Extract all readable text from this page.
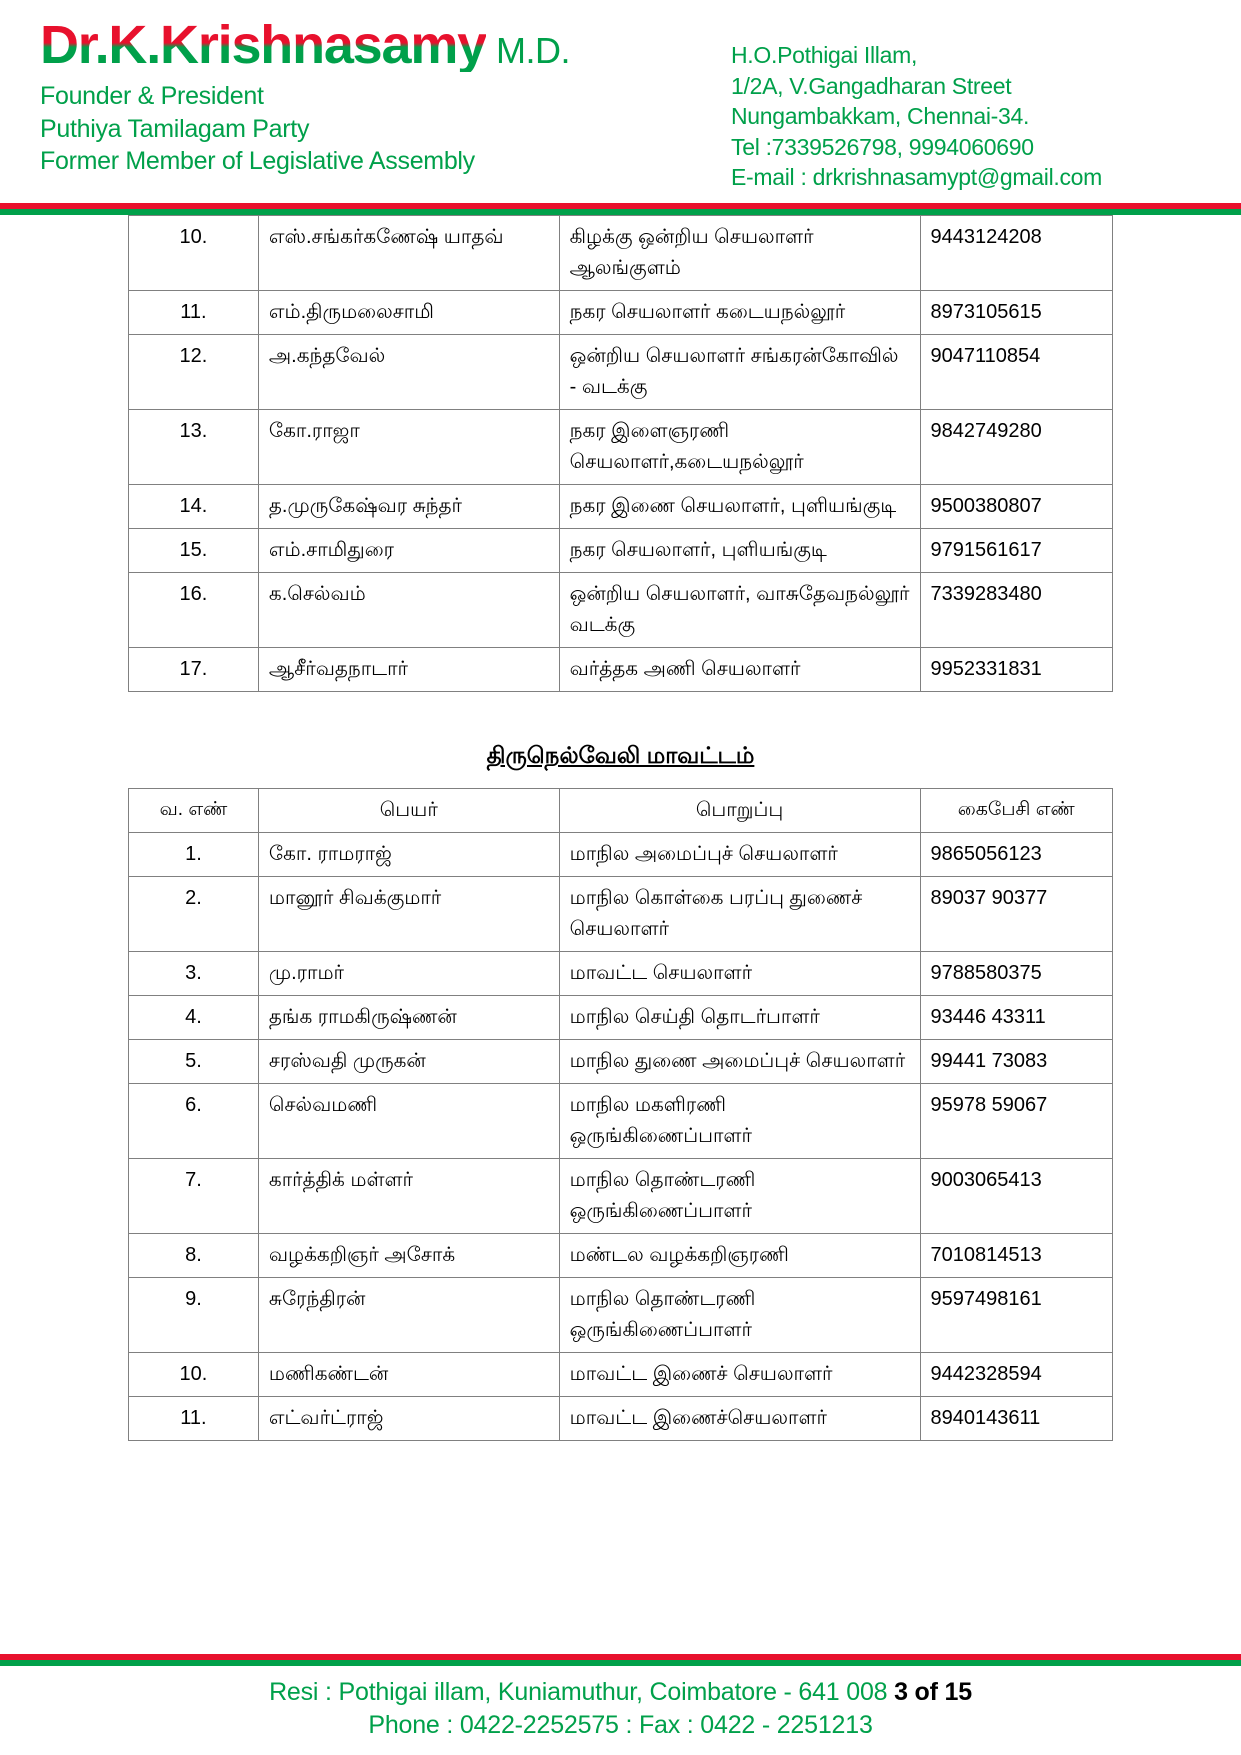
Dr.K.Krishnasamy M.D.
Founder & President
Puthiya Tamilagam Party
Former Member of Legislative Assembly
H.O.Pothigai Illam,
1/2A, V.Gangadharan Street
Nungambakkam, Chennai-34.
Tel :7339526798, 9994060690
E-mail : drkrishnasamypt@gmail.com
10.	எஸ்.சங்கர்கணேஷ் யாதவ்	கிழக்கு ஒன்றிய செயலாளர் ஆலங்குளம்	9443124208
11.	எம்.திருமலைசாமி	நகர செயலாளர் கடையநல்லூர்	8973105615
12.	அ.கந்தவேல்	ஒன்றிய செயலாளர் சங்கரன்கோவில் - வடக்கு	9047110854
13.	கோ.ராஜா	நகர இளைஞரணி செயலாளர்,கடையநல்லூர்	9842749280
14.	த.முருகேஷ்வர சுந்தர்	நகர இணை செயலாளர், புளியங்குடி	9500380807
15.	எம்.சாமிதுரை	நகர செயலாளர், புளியங்குடி	9791561617
16.	க.செல்வம்	ஒன்றிய செயலாளர், வாசுதேவநல்லூர் வடக்கு	7339283480
17.	ஆசீர்வதநாடார்	வர்த்தக அணி செயலாளர்	9952331831
திருநெல்வேலி மாவட்டம்
வ. எண்	பெயர்	பொறுப்பு	கைபேசி எண்
1.	கோ. ராமராஜ்	மாநில அமைப்புச் செயலாளர்	9865056123
2.	மானூர் சிவக்குமார்	மாநில கொள்கை பரப்பு துணைச் செயலாளர்	89037 90377
3.	மு.ராமர்	மாவட்ட செயலாளர்	9788580375
4.	தங்க ராமகிருஷ்ணன்	மாநில செய்தி தொடர்பாளர்	93446 43311
5.	சரஸ்வதி முருகன்	மாநில துணை அமைப்புச் செயலாளர்	99441 73083
6.	செல்வமணி	மாநில மகளிரணி ஒருங்கிணைப்பாளர்	95978 59067
7.	கார்த்திக் மள்ளர்	மாநில தொண்டரணி ஒருங்கிணைப்பாளர்	9003065413
8.	வழக்கறிஞர் அசோக்	மண்டல வழக்கறிஞரணி	7010814513
9.	சுரேந்திரன்	மாநில தொண்டரணி ஒருங்கிணைப்பாளர்	9597498161
10.	மணிகண்டன்	மாவட்ட இணைச் செயலாளர்	9442328594
11.	எட்வர்ட்ராஜ்	மாவட்ட இணைச்செயலாளர்	8940143611
Resi : Pothigai illam, Kuniamuthur, Coimbatore - 641 008 3 of 15
Phone : 0422-2252575 : Fax : 0422 - 2251213
